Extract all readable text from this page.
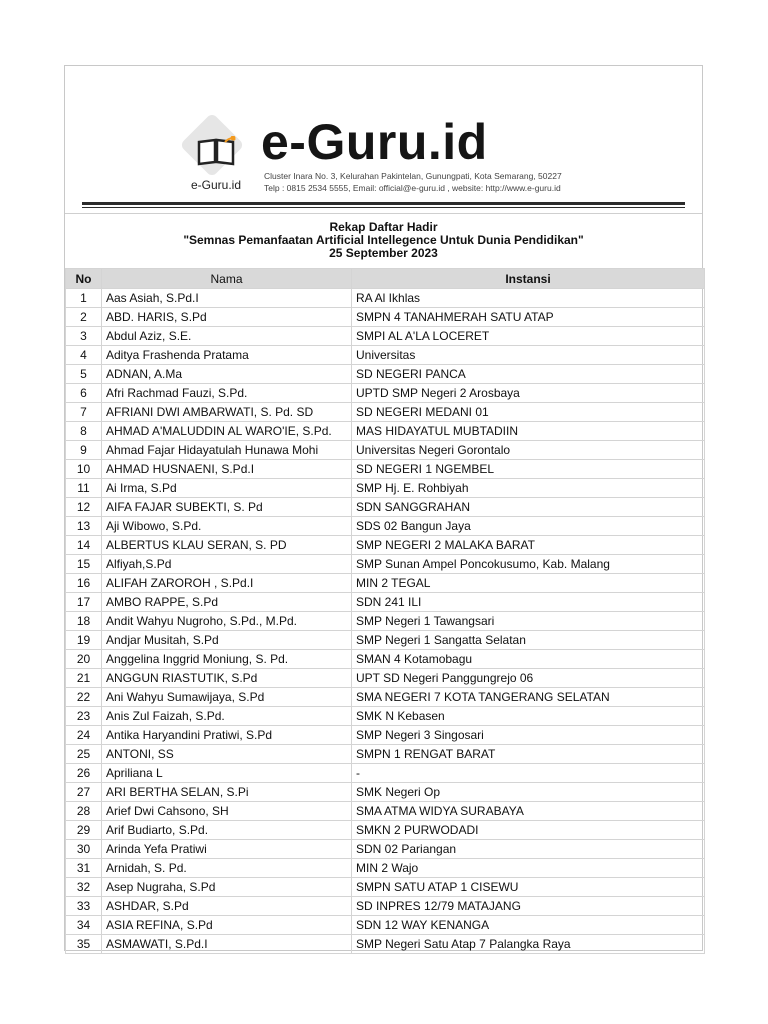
e-Guru.id
e-Guru.id
Cluster Inara No. 3, Kelurahan Pakintelan, Gunungpati, Kota Semarang, 50227
Telp : 0815 2534 5555, Email: official@e-guru.id , website: http://www.e-guru.id
Rekap Daftar Hadir
"Semnas Pemanfaatan Artificial Intellegence Untuk Dunia Pendidikan"
25 September 2023
No	Nama	Instansi
1	Aas Asiah, S.Pd.I	RA Al Ikhlas
2	ABD. HARIS, S.Pd	SMPN 4 TANAHMERAH SATU ATAP
3	Abdul Aziz, S.E.	SMPI AL A'LA LOCERET
4	Aditya Frashenda Pratama	Universitas
5	ADNAN, A.Ma	SD NEGERI PANCA
6	Afri Rachmad Fauzi, S.Pd.	UPTD SMP Negeri 2 Arosbaya
7	AFRIANI DWI AMBARWATI, S. Pd. SD	SD NEGERI MEDANI 01
8	AHMAD A'MALUDDIN AL WARO'IE, S.Pd.	MAS HIDAYATUL MUBTADIIN
9	Ahmad Fajar Hidayatulah Hunawa Mohi	Universitas Negeri Gorontalo
10	AHMAD HUSNAENI, S.Pd.I	SD NEGERI 1 NGEMBEL
11	Ai Irma, S.Pd	SMP Hj. E. Rohbiyah
12	AIFA FAJAR SUBEKTI, S. Pd	SDN SANGGRAHAN
13	Aji Wibowo, S.Pd.	SDS 02 Bangun Jaya
14	ALBERTUS KLAU SERAN, S. PD	SMP NEGERI 2 MALAKA BARAT
15	Alfiyah,S.Pd	SMP Sunan Ampel Poncokusumo, Kab. Malang
16	ALIFAH ZAROROH , S.Pd.I	MIN 2 TEGAL
17	AMBO RAPPE, S.Pd	SDN 241 ILI
18	Andit Wahyu Nugroho, S.Pd., M.Pd.	SMP Negeri 1 Tawangsari
19	Andjar Musitah, S.Pd	SMP Negeri 1 Sangatta Selatan
20	Anggelina Inggrid Moniung, S. Pd.	SMAN 4 Kotamobagu
21	ANGGUN RIASTUTIK, S.Pd	UPT SD Negeri Panggungrejo 06
22	Ani Wahyu Sumawijaya, S.Pd	SMA NEGERI 7 KOTA TANGERANG SELATAN
23	Anis Zul Faizah, S.Pd.	SMK N Kebasen
24	Antika Haryandini Pratiwi, S.Pd	SMP Negeri 3 Singosari
25	ANTONI, SS	SMPN 1 RENGAT BARAT
26	Apriliana L	-
27	ARI BERTHA SELAN, S.Pi	SMK Negeri Op
28	Arief Dwi Cahsono, SH	SMA ATMA WIDYA SURABAYA
29	Arif Budiarto, S.Pd.	SMKN 2 PURWODADI
30	Arinda Yefa Pratiwi	SDN 02 Pariangan
31	Arnidah, S. Pd.	MIN 2 Wajo
32	Asep Nugraha, S.Pd	SMPN SATU ATAP 1 CISEWU
33	ASHDAR, S.Pd	SD INPRES 12/79 MATAJANG
34	ASIA REFINA, S.Pd	SDN 12 WAY KENANGA
35	ASMAWATI, S.Pd.I	SMP Negeri Satu Atap 7 Palangka Raya
